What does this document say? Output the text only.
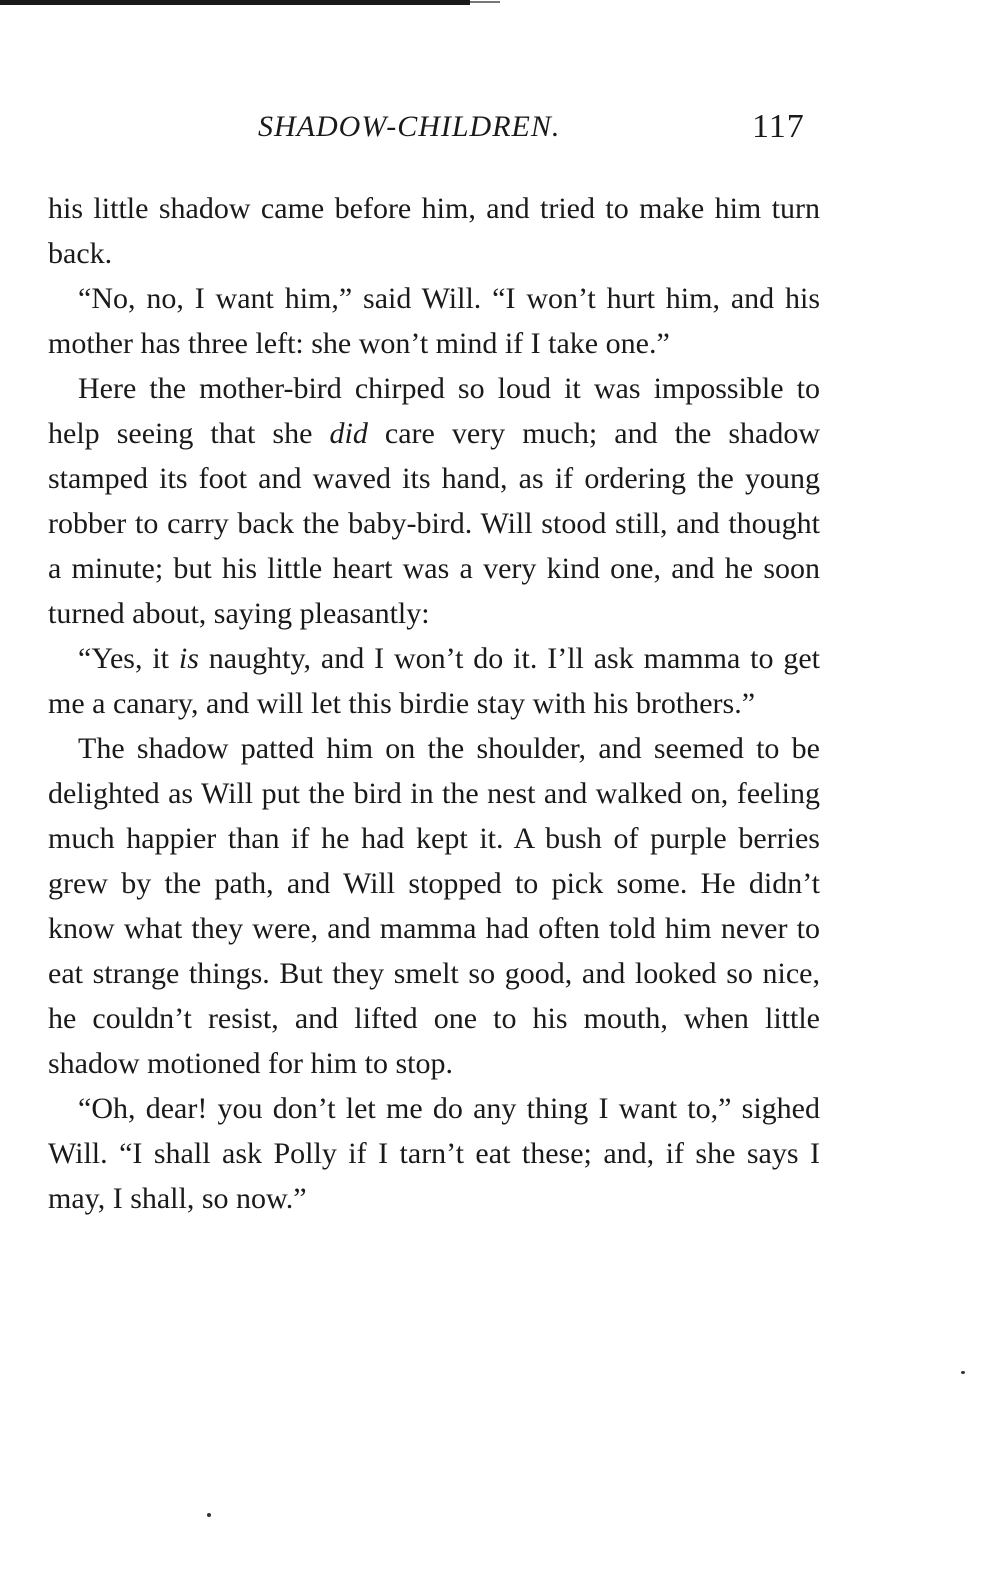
SHADOW-CHILDREN.	117
his little shadow came before him, and tried to make him turn back.
“No, no, I want him,” said Will. “I won’t hurt him, and his mother has three left: she won’t mind if I take one.”
Here the mother-bird chirped so loud it was impossible to help seeing that she did care very much; and the shadow stamped its foot and waved its hand, as if ordering the young robber to carry back the baby-bird. Will stood still, and thought a minute; but his little heart was a very kind one, and he soon turned about, saying pleasantly:
“Yes, it is naughty, and I won’t do it. I’ll ask mamma to get me a canary, and will let this birdie stay with his brothers.”
The shadow patted him on the shoulder, and seemed to be delighted as Will put the bird in the nest and walked on, feeling much happier than if he had kept it. A bush of purple berries grew by the path, and Will stopped to pick some. He didn’t know what they were, and mamma had often told him never to eat strange things. But they smelt so good, and looked so nice, he couldn’t resist, and lifted one to his mouth, when little shadow motioned for him to stop.
“Oh, dear! you don’t let me do any thing I want to,” sighed Will. “I shall ask Polly if I tarn’t eat these; and, if she says I may, I shall, so now.”
